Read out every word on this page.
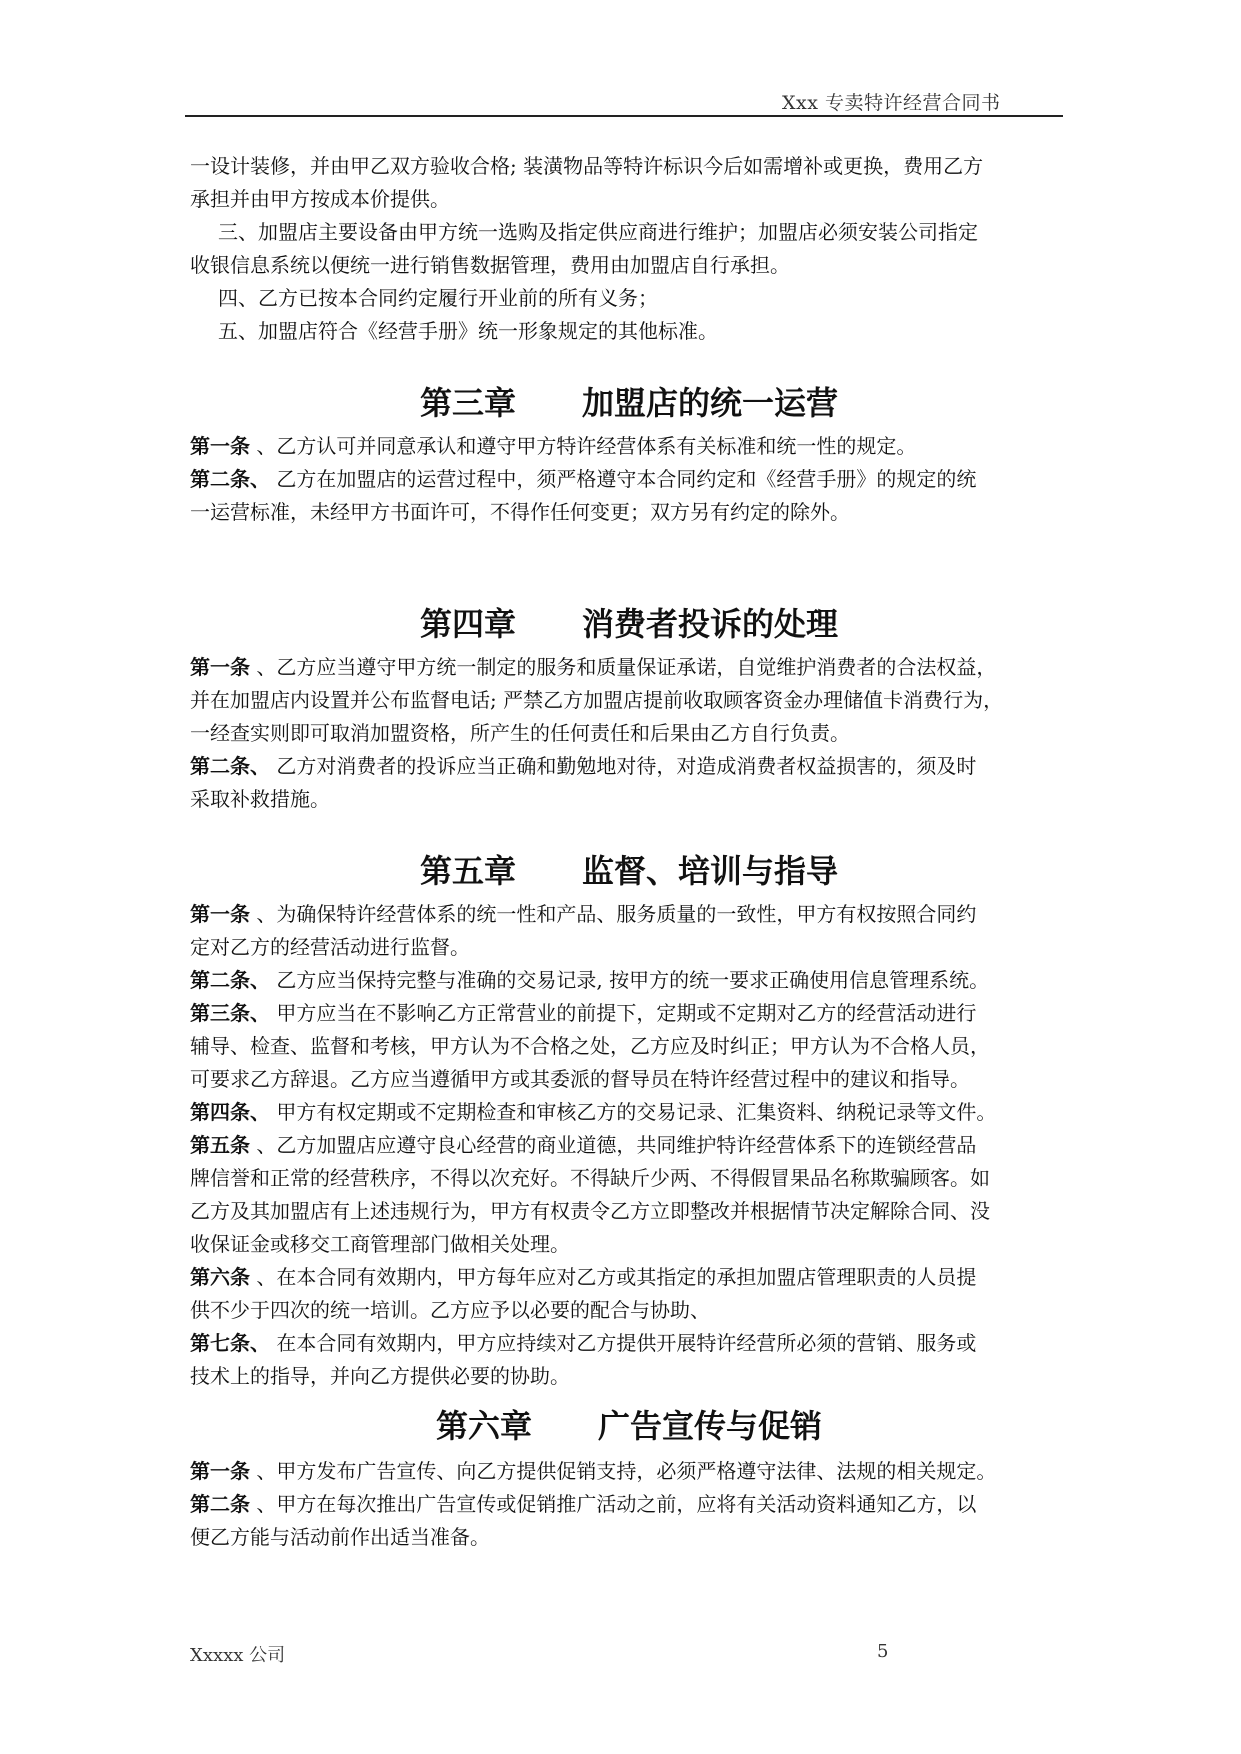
Xxx 专卖特许经营合同书

一设计装修，并由甲乙双方验收合格; 装潢物品等特许标识今后如需增补或更换，费用乙方

承担并由甲方按成本价提供。

三、加盟店主要设备由甲方统一选购及指定供应商进行维护；加盟店必须安装公司指定

收银信息系统以便统一进行销售数据管理，费用由加盟店自行承担。

四、乙方已按本合同约定履行开业前的所有义务；

五、加盟店符合《经营手册》统一形象规定的其他标准。

第三章 加盟店的统一运营

第一条 、乙方认可并同意承认和遵守甲方特许经营体系有关标准和统一性的规定。

第二条、 乙方在加盟店的运营过程中，须严格遵守本合同约定和《经营手册》的规定的统

一运营标准，未经甲方书面许可，不得作任何变更；双方另有约定的除外。

第四章 消费者投诉的处理

第一条 、乙方应当遵守甲方统一制定的服务和质量保证承诺，自觉维护消费者的合法权益，

并在加盟店内设置并公布监督电话; 严禁乙方加盟店提前收取顾客资金办理储值卡消费行为，

一经查实则即可取消加盟资格，所产生的任何责任和后果由乙方自行负责。

第二条、 乙方对消费者的投诉应当正确和勤勉地对待，对造成消费者权益损害的，须及时

采取补救措施。

第五章 监督、培训与指导

第一条 、为确保特许经营体系的统一性和产品、服务质量的一致性，甲方有权按照合同约

定对乙方的经营活动进行监督。

第二条、 乙方应当保持完整与准确的交易记录, 按甲方的统一要求正确使用信息管理系统。

第三条、 甲方应当在不影响乙方正常营业的前提下，定期或不定期对乙方的经营活动进行

辅导、检查、监督和考核，甲方认为不合格之处，乙方应及时纠正；甲方认为不合格人员，

可要求乙方辞退。乙方应当遵循甲方或其委派的督导员在特许经营过程中的建议和指导。

第四条、 甲方有权定期或不定期检查和审核乙方的交易记录、汇集资料、纳税记录等文件。

第五条 、乙方加盟店应遵守良心经营的商业道德，共同维护特许经营体系下的连锁经营品

牌信誉和正常的经营秩序，不得以次充好。不得缺斤少两、不得假冒果品名称欺骗顾客。如

乙方及其加盟店有上述违规行为，甲方有权责令乙方立即整改并根据情节决定解除合同、没

收保证金或移交工商管理部门做相关处理。

第六条 、在本合同有效期内，甲方每年应对乙方或其指定的承担加盟店管理职责的人员提

供不少于四次的统一培训。乙方应予以必要的配合与协助、

第七条、 在本合同有效期内，甲方应持续对乙方提供开展特许经营所必须的营销、服务或

技术上的指导，并向乙方提供必要的协助。

第六章 广告宣传与促销

第一条 、甲方发布广告宣传、向乙方提供促销支持，必须严格遵守法律、法规的相关规定。

第二条 、甲方在每次推出广告宣传或促销推广活动之前，应将有关活动资料通知乙方，以

便乙方能与活动前作出适当准备。

Xxxxx 公司	5
